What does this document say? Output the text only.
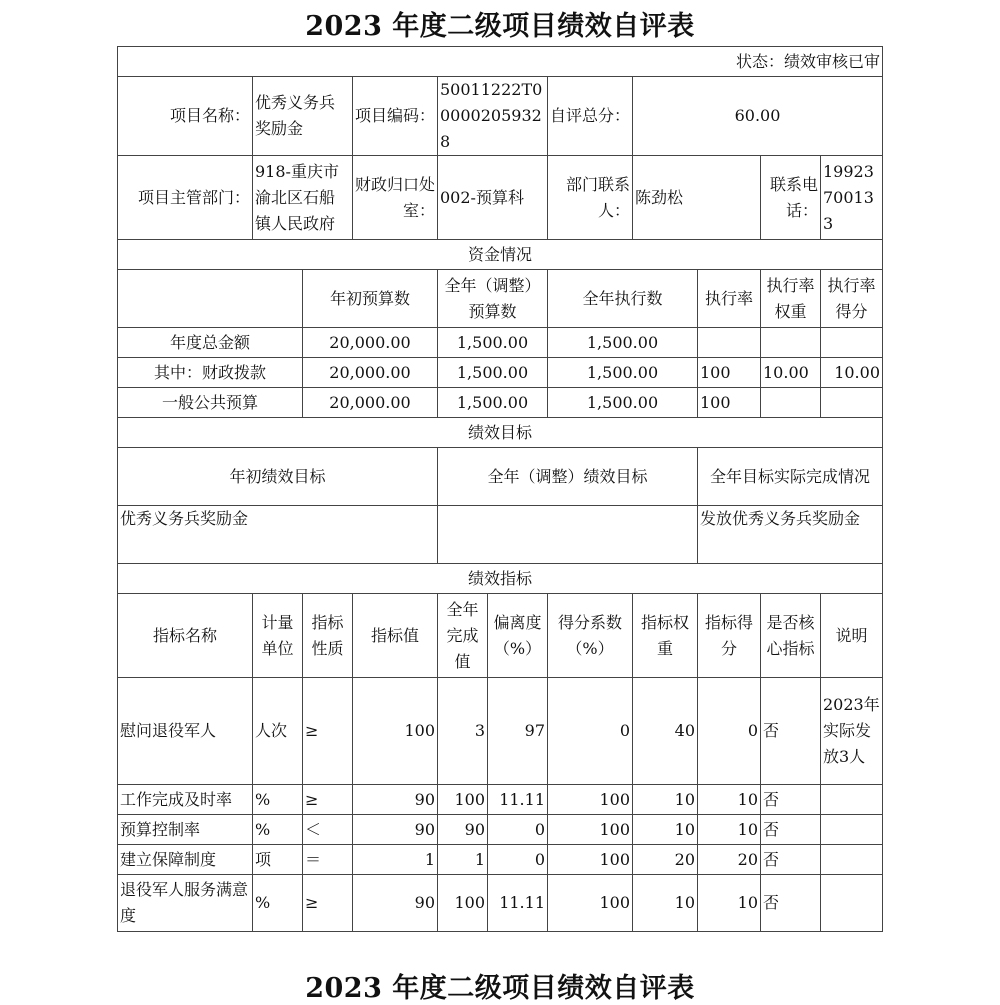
2023 年度二级项目绩效自评表
状态：绩效审核已审										
项目名称：	优秀义务兵奖励金		项目编码：	50011222T000002059328		自评总分：	60.00			
项目主管部门：	918-重庆市渝北区石船镇人民政府		财政归口处室：	002-预算科		部门联系人：	陈劲松		联系电话：	19923700133
资金情况										
		年初预算数		全年（调整）预算数		全年执行数		执行率	执行率权重	执行率得分
年度总金额		20,000.00		1,500.00		1,500.00				
其中：财政拨款		20,000.00		1,500.00		1,500.00		100	10.00	10.00
一般公共预算		20,000.00		1,500.00		1,500.00		100		
绩效目标										
年初绩效目标				全年（调整）绩效目标				全年目标实际完成情况		
优秀义务兵奖励金								发放优秀义务兵奖励金		
绩效指标										
指标名称	计量单位	指标性质	指标值	全年完成值	偏离度（%）	得分系数（%）	指标权重	指标得分	是否核心指标	说明
慰问退役军人	人次	≥	100	3	97	0	40	0	否	2023年实际发放3人
工作完成及时率	%	≥	90	100	11.11	100	10	10	否	
预算控制率	%	＜	90	90	0	100	10	10	否	
建立保障制度	项	＝	1	1	0	100	20	20	否	
退役军人服务满意度	%	≥	90	100	11.11	100	10	10	否	
2023 年度二级项目绩效自评表
